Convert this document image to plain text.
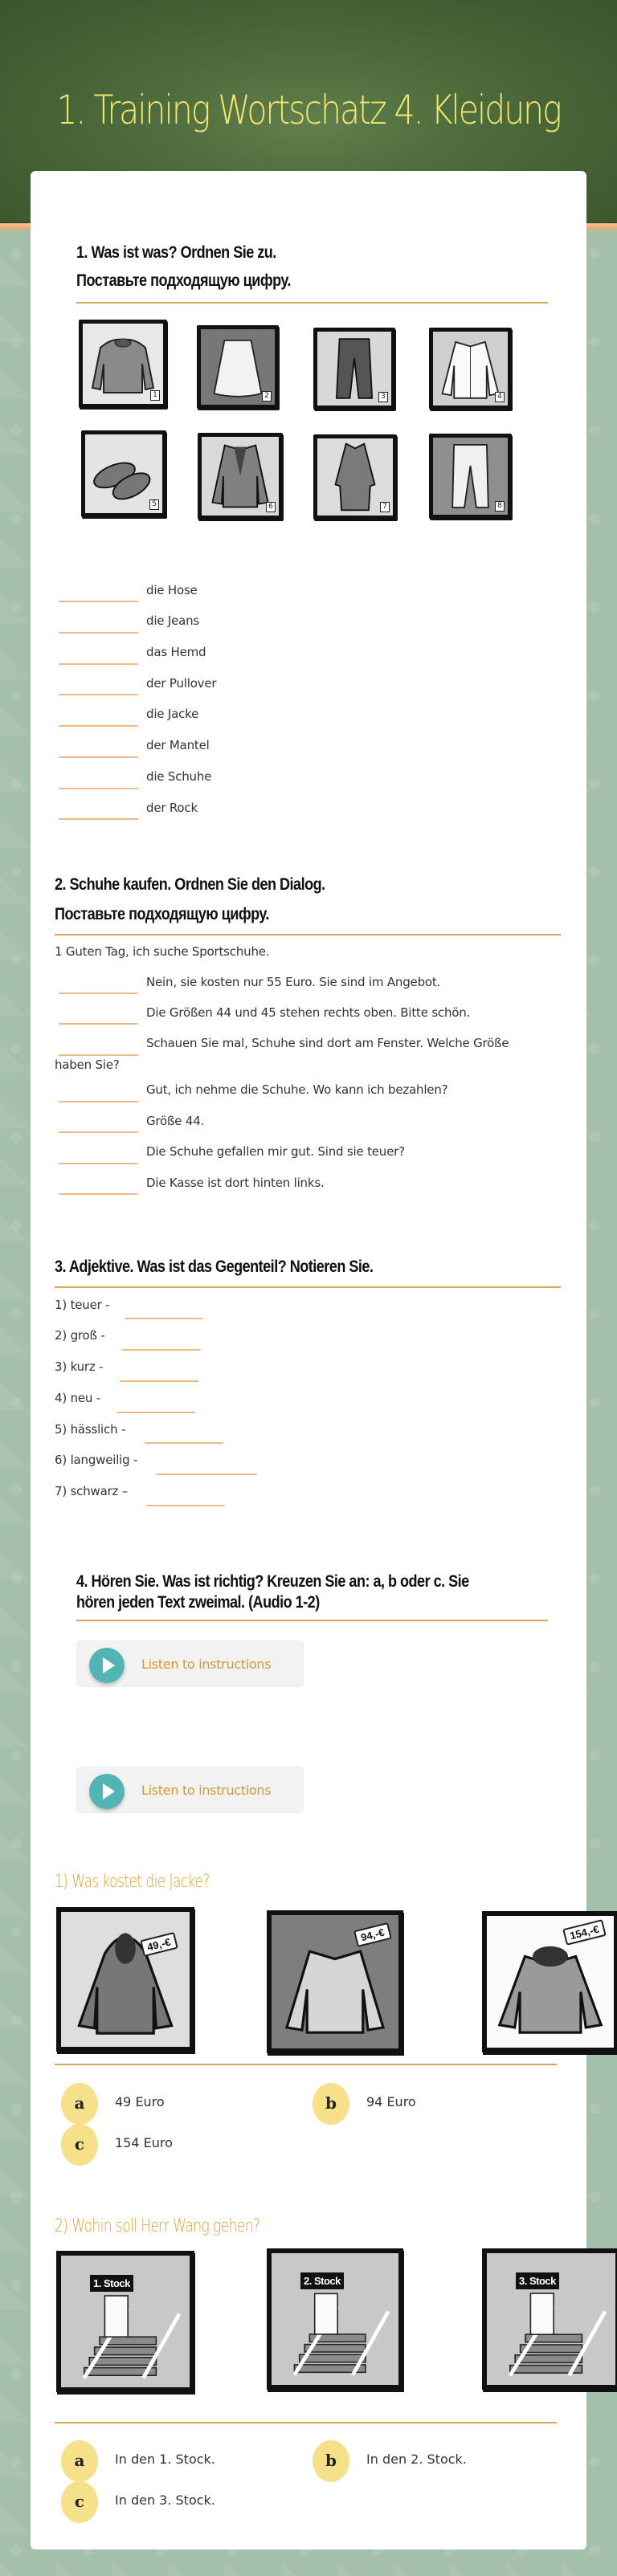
1. Training Wortschatz 4. Kleidung
1. Was ist was? Ordnen Sie zu.
Поставьте подходящую цифру.
1	2	3	4
5	6	7	8
die Hose
die Jeans
das Hemd
der Pullover
die Jacke
der Mantel
die Schuhe
der Rock
2. Schuhe kaufen. Ordnen Sie den Dialog.
Поставьте подходящую цифру.
1 Guten Tag, ich suche Sportschuhe.
Nein, sie kosten nur 55 Euro. Sie sind im Angebot.
Die Größen 44 und 45 stehen rechts oben. Bitte schön.
Schauen Sie mal, Schuhe sind dort am Fenster. Welche Größe
haben Sie?
Gut, ich nehme die Schuhe. Wo kann ich bezahlen?
Größe 44.
Die Schuhe gefallen mir gut. Sind sie teuer?
Die Kasse ist dort hinten links.
3. Adjektive. Was ist das Gegenteil? Notieren Sie.
1) teuer -
2) groß -
3) kurz -
4) neu -
5) hässlich -
6) langweilig -
7) schwarz –
4. Hören Sie. Was ist richtig? Kreuzen Sie an: a, b oder c. Sie
hören jeden Text zweimal. (Audio 1-2)
Listen to instructions
Listen to instructions
1) Was kostet die Jacke?
49,-€
94,-€	154,-€
a	49 Euro	b	94 Euro
c	154 Euro
2) Wohin soll Herr Wang gehen?
1. Stock	2. Stock	3. Stock
a	In den 1. Stock.	b	In den 2. Stock.
c	In den 3. Stock.
